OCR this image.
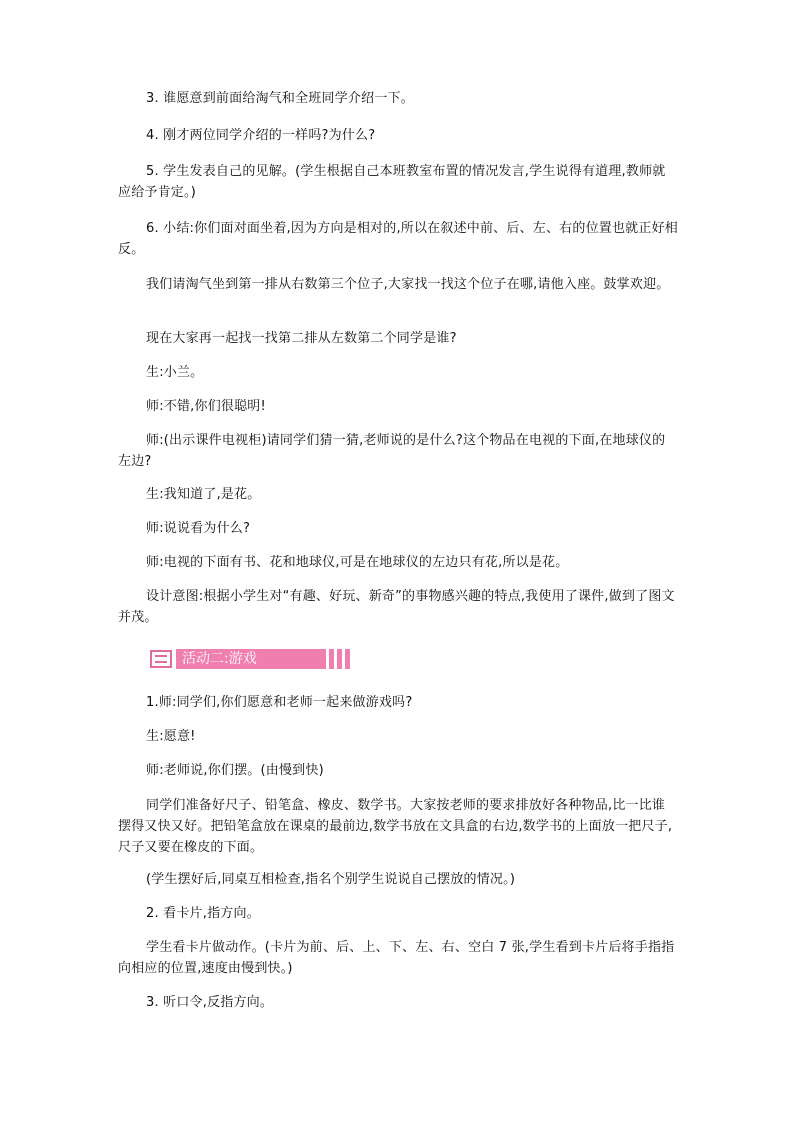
3. 谁愿意到前面给淘气和全班同学介绍一下。

4. 刚才两位同学介绍的一样吗?为什么?

5. 学生发表自己的见解。(学生根据自己本班教室布置的情况发言,学生说得有道理,教师就应给予肯定。)

6. 小结:你们面对面坐着,因为方向是相对的,所以在叙述中前、后、左、右的位置也就正好相反。

我们请淘气坐到第一排从右数第三个位子,大家找一找这个位子在哪,请他入座。鼓掌欢迎。

现在大家再一起找一找第二排从左数第二个同学是谁?

生:小兰。

师:不错,你们很聪明!

师:(出示课件电视柜)请同学们猜一猜,老师说的是什么?这个物品在电视的下面,在地球仪的左边?

生:我知道了,是花。

师:说说看为什么?

师:电视的下面有书、花和地球仪,可是在地球仪的左边只有花,所以是花。

设计意图:根据小学生对“有趣、好玩、新奇”的事物感兴趣的特点,我使用了课件,做到了图文并茂。

活动二:游戏

1.师:同学们,你们愿意和老师一起来做游戏吗?

生:愿意!

师:老师说,你们摆。(由慢到快)

同学们准备好尺子、铅笔盒、橡皮、数学书。大家按老师的要求排放好各种物品,比一比谁摆得又快又好。把铅笔盒放在课桌的最前边,数学书放在文具盒的右边,数学书的上面放一把尺子,尺子又要在橡皮的下面。

(学生摆好后,同桌互相检查,指名个别学生说说自己摆放的情况。)

2. 看卡片,指方向。

学生看卡片做动作。(卡片为前、后、上、下、左、右、空白 7 张,学生看到卡片后将手指指向相应的位置,速度由慢到快。)

3. 听口令,反指方向。
